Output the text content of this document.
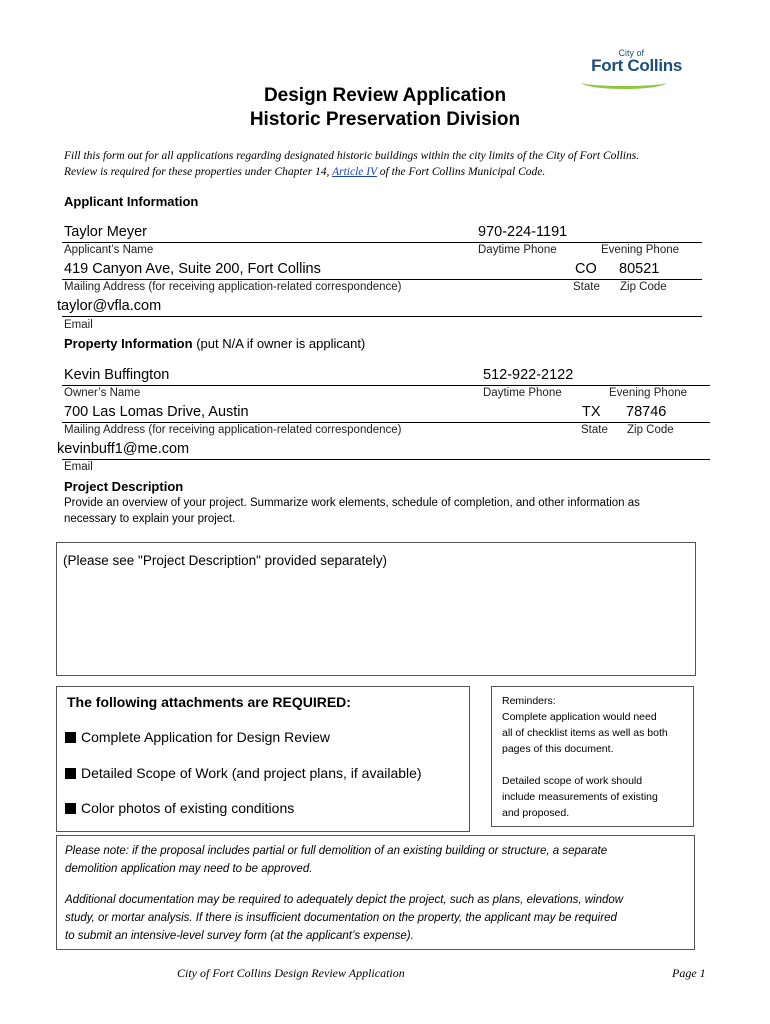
City of
Fort Collins
Design Review Application
Historic Preservation Division
Fill this form out for all applications regarding designated historic buildings within the city limits of the City of Fort Collins.
Review is required for these properties under Chapter 14, Article IV of the Fort Collins Municipal Code.
Applicant Information
Taylor Meyer	970-224-1191
Applicant’s Name	Daytime Phone	Evening Phone
419 Canyon Ave, Suite 200, Fort Collins	CO 80521
Mailing Address (for receiving application-related correspondence)	State Zip Code
taylor@vfla.com
Email
Property Information (put N/A if owner is applicant)
Kevin Buffington	512-922-2122
Owner’s Name	Daytime Phone	Evening Phone
700 Las Lomas Drive, Austin	TX 78746
Mailing Address (for receiving application-related correspondence)	State Zip Code
kevinbuff1@me.com
Email
Project Description
Provide an overview of your project. Summarize work elements, schedule of completion, and other information as
necessary to explain your project.
(Please see "Project Description" provided separately)
The following attachments are REQUIRED:
Complete Application for Design Review
Detailed Scope of Work (and project plans, if available)
Color photos of existing conditions
Reminders:
Complete application would need
all of checklist items as well as both
pages of this document.
Detailed scope of work should
include measurements of existing
and proposed.
Please note: if the proposal includes partial or full demolition of an existing building or structure, a separate
demolition application may need to be approved.
Additional documentation may be required to adequately depict the project, such as plans, elevations, window
study, or mortar analysis. If there is insufficient documentation on the property, the applicant may be required
to submit an intensive-level survey form (at the applicant’s expense).
City of Fort Collins Design Review Application	Page 1
